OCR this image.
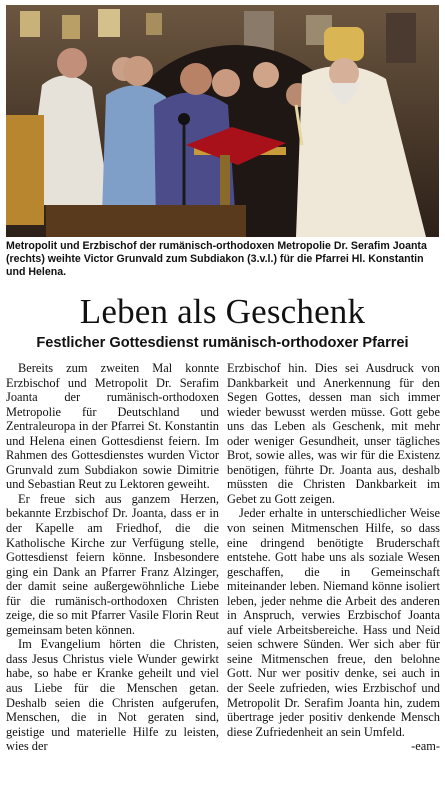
Metropolit und Erzbischof der rumänisch-orthodoxen Metropolie Dr. Serafim Joanta (rechts) weihte Victor Grunvald zum Subdiakon (3.v.l.) für die Pfarrei Hl. Konstantin und Helena.
Leben als Geschenk
Festlicher Gottesdienst rumänisch-orthodoxer Pfarrei

Bereits zum zweiten Mal konnte Erzbischof und Metropolit Dr. Serafim Joanta der rumänisch-orthodoxen Metropolie für Deutschland und Zentraleuropa in der Pfarrei St. Konstantin und Helena einen Gottesdienst feiern. Im Rahmen des Gottesdienstes wurden Victor Grunvald zum Subdiakon sowie Dimitrie und Sebastian Reut zu Lektoren geweiht.

Er freue sich aus ganzem Herzen, bekannte Erzbischof Dr. Joanta, dass er in der Kapelle am Friedhof, die die Katholische Kirche zur Verfügung stelle, Gottesdienst feiern könne. Insbesondere ging ein Dank an Pfarrer Franz Alzinger, der damit seine außergewöhnliche Liebe für die rumänisch-orthodoxen Christen zeige, die so mit Pfarrer Vasile Florin Reut gemeinsam beten können.

Im Evangelium hörten die Christen, dass Jesus Christus viele Wunder gewirkt habe, so habe er Kranke geheilt und viel aus Liebe für die Menschen getan. Deshalb seien die Christen aufgerufen, Menschen, die in Not geraten sind, geistige und materielle Hilfe zu leisten, wies der

Erzbischof hin. Dies sei Ausdruck von Dankbarkeit und Anerkennung für den Segen Gottes, dessen man sich immer wieder bewusst werden müsse. Gott gebe uns das Leben als Geschenk, mit mehr oder weniger Gesundheit, unser tägliches Brot, sowie alles, was wir für die Existenz benötigen, führte Dr. Joanta aus, deshalb müssten die Christen Dankbarkeit im Gebet zu Gott zeigen.

Jeder erhalte in unterschiedlicher Weise von seinen Mitmenschen Hilfe, so dass eine dringend benötigte Bruderschaft entstehe. Gott habe uns als soziale Wesen geschaffen, die in Gemeinschaft miteinander leben. Niemand könne isoliert leben, jeder nehme die Arbeit des anderen in Anspruch, verwies Erzbischof Joanta auf viele Arbeitsbereiche. Hass und Neid seien schwere Sünden. Wer sich aber für seine Mitmenschen freue, den belohne Gott. Nur wer positiv denke, sei auch in der Seele zufrieden, wies Erzbischof und Metropolit Dr. Serafim Joanta hin, zudem übertrage jeder positiv denkende Mensch diese Zufriedenheit an sein Umfeld.

-eam-
